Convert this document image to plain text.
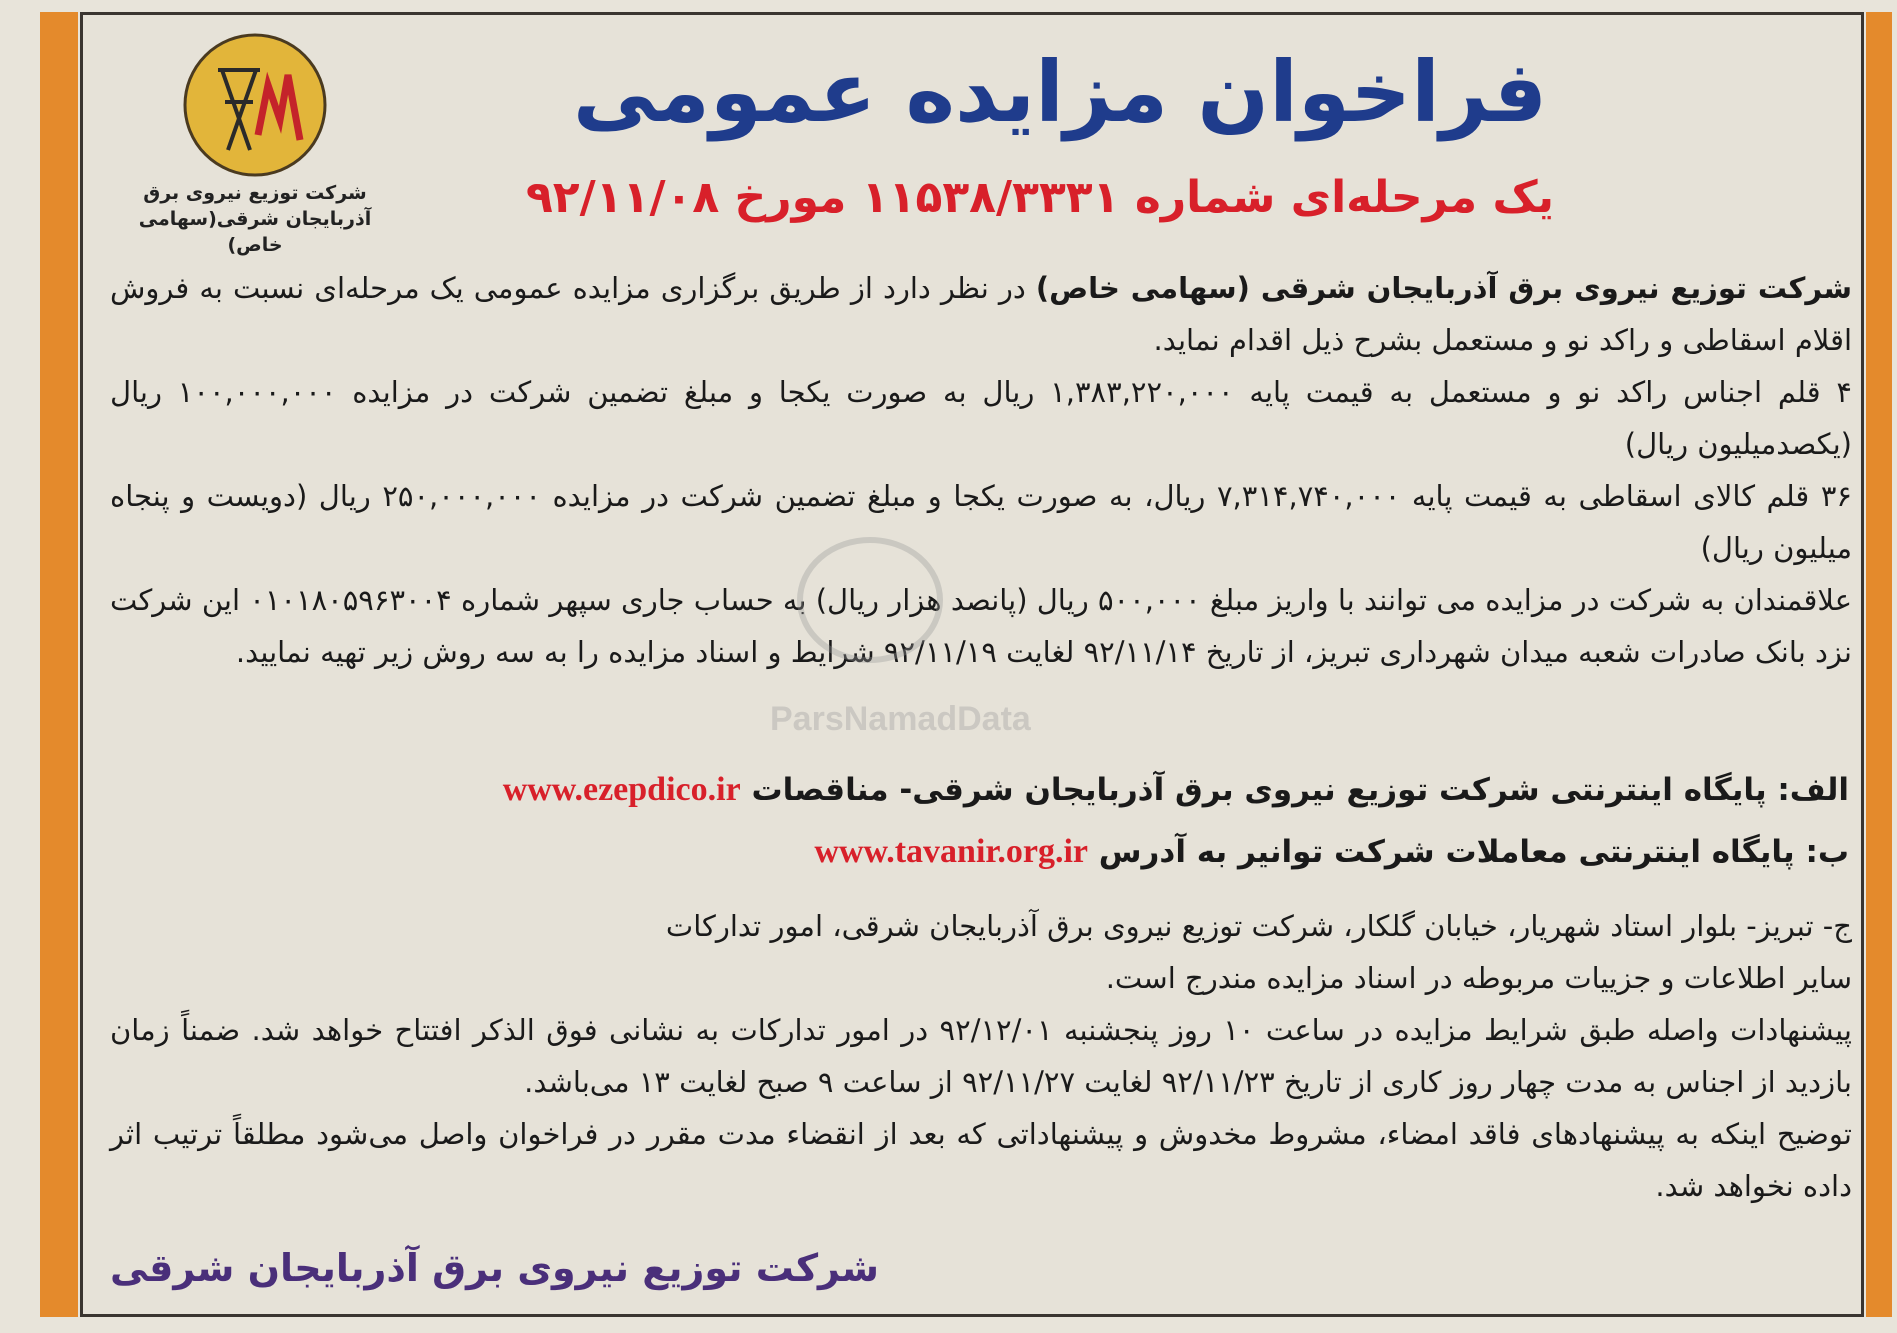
شرکت توزیع نیروی برق
آذربایجان شرقی(سهامی خاص)
فراخوان مزایده عمومی
یک مرحله‌ای شماره ۱۱۵۳۸/۳۳۳۱ مورخ ۹۲/۱۱/۰۸

شرکت توزیع نیروی برق آذربایجان شرقی (سهامی خاص) در نظر دارد از طریق برگزاری مزایده عمومی یک مرحله‌ای نسبت به فروش اقلام اسقاطی و راکد نو و مستعمل بشرح ذیل اقدام نماید.

۴ قلم اجناس راکد نو و مستعمل به قیمت پایه ۱,۳۸۳,۲۲۰,۰۰۰ ریال به صورت یکجا و مبلغ تضمین شرکت در مزایده ۱۰۰,۰۰۰,۰۰۰ ریال (یکصدمیلیون ریال)

۳۶ قلم کالای اسقاطی به قیمت پایه ۷,۳۱۴,۷۴۰,۰۰۰ ریال، به صورت یکجا و مبلغ تضمین شرکت در مزایده ۲۵۰,۰۰۰,۰۰۰ ریال (دویست و پنجاه میلیون ریال)

علاقمندان به شرکت در مزایده می توانند با واریز مبلغ ۵۰۰,۰۰۰ ریال (پانصد هزار ریال) به حساب جاری سپهر شماره ۰۱۰۱۸۰۵۹۶۳۰۰۴ این شرکت نزد بانک صادرات شعبه میدان شهرداری تبریز، از تاریخ ۹۲/۱۱/۱۴ لغایت ۹۲/۱۱/۱۹ شرایط و اسناد مزایده را به سه روش زیر تهیه نمایید.

الف: پایگاه اینترنتی شرکت توزیع نیروی برق آذربایجان شرقی- مناقصات www.ezepdico.ir
ب: پایگاه اینترنتی معاملات شرکت توانیر به آدرس www.tavanir.org.ir

ج- تبریز- بلوار استاد شهریار، خیابان گلکار، شرکت توزیع نیروی برق آذربایجان شرقی، امور تدارکات

سایر اطلاعات و جزییات مربوطه در اسناد مزایده مندرج است.

پیشنهادات واصله طبق شرایط مزایده در ساعت ۱۰ روز پنجشنبه ۹۲/۱۲/۰۱ در امور تدارکات به نشانی فوق الذکر افتتاح خواهد شد. ضمناً زمان بازدید از اجناس به مدت چهار روز کاری از تاریخ ۹۲/۱۱/۲۳ لغایت ۹۲/۱۱/۲۷ از ساعت ۹ صبح لغایت ۱۳ می‌باشد.

توضیح اینکه به پیشنهادهای فاقد امضاء، مشروط مخدوش و پیشنهاداتی که بعد از انقضاء مدت مقرر در فراخوان واصل می‌شود مطلقاً ترتیب اثر داده نخواهد شد.

شرکت توزیع نیروی برق آذربایجان شرقی
ParsNamadData
